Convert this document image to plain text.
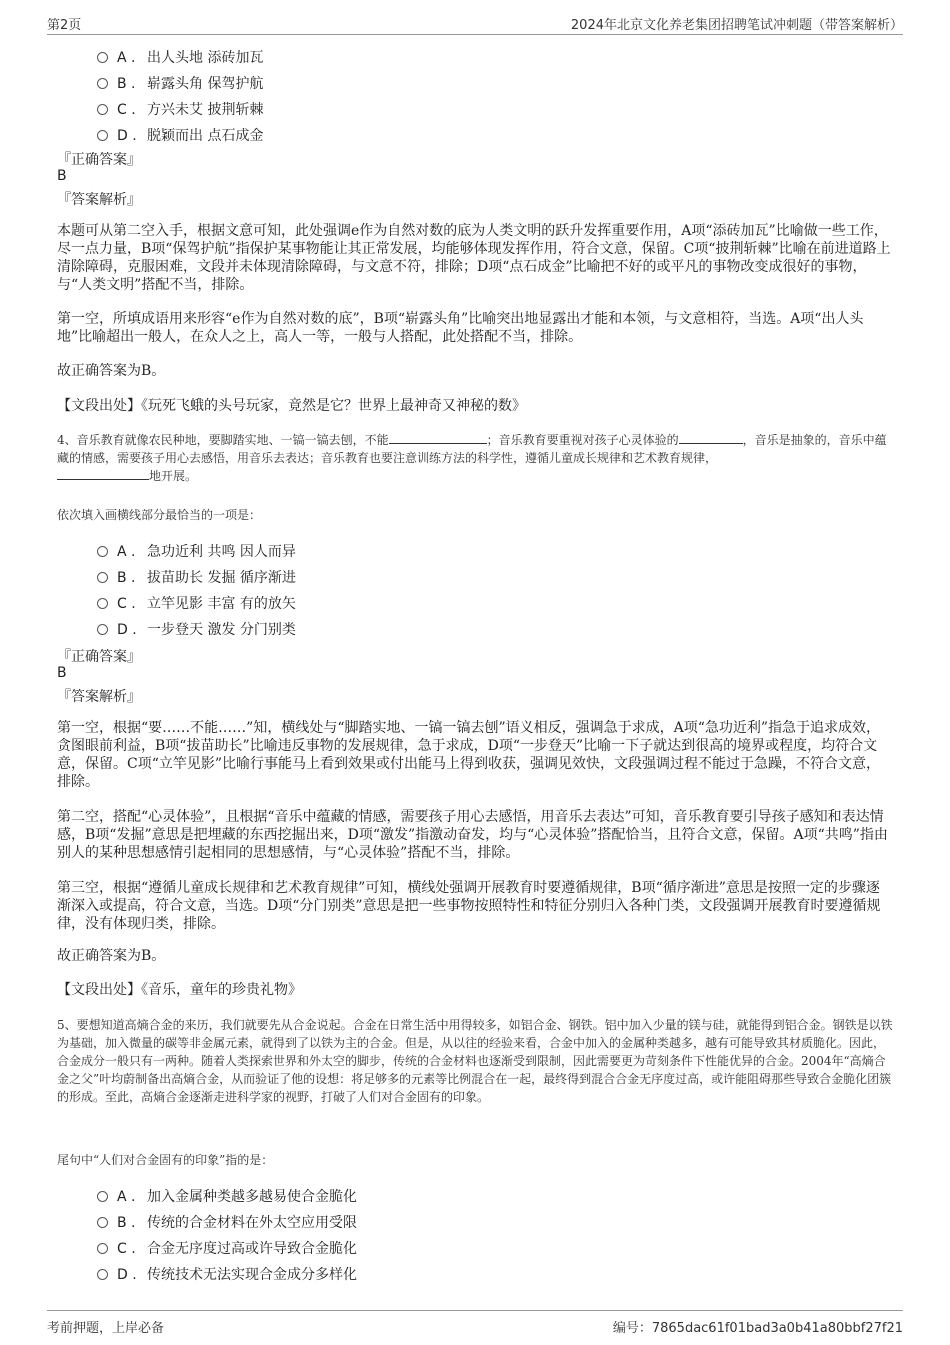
第2页	2024年北京文化养老集团招聘笔试冲刺题（带答案解析）
A . 出人头地 添砖加瓦
B . 崭露头角 保驾护航
C . 方兴未艾 披荆斩棘
D . 脱颖而出 点石成金
『正确答案』
B
『答案解析』
本题可从第二空入手，根据文意可知，此处强调e作为自然对数的底为人类文明的跃升发挥重要作用，A项“添砖加瓦”比喻做一些工作，尽一点力量，B项“保驾护航”指保护某事物能让其正常发展，均能够体现发挥作用，符合文意，保留。C项“披荆斩棘”比喻在前进道路上清除障碍，克服困难，文段并未体现清除障碍，与文意不符，排除；D项“点石成金”比喻把不好的或平凡的事物改变成很好的事物，与“人类文明”搭配不当，排除。
第一空，所填成语用来形容“e作为自然对数的底”，B项“崭露头角”比喻突出地显露出才能和本领，与文意相符，当选。A项“出人头地”比喻超出一般人，在众人之上，高人一等，一般与人搭配，此处搭配不当，排除。
故正确答案为B。
【文段出处】《玩死飞蛾的头号玩家，竟然是它？世界上最神奇又神秘的数》
4、音乐教育就像农民种地，要脚踏实地、一镐一镐去刨，不能	；音乐教育要重视对孩子心灵体验的	，音乐是抽象的，音乐中蕴藏的情感，需要孩子用心去感悟，用音乐去表达；音乐教育也要注意训练方法的科学性，遵循儿童成长规律和艺术教育规律，
地开展。
依次填入画横线部分最恰当的一项是：
A . 急功近利 共鸣 因人而异
B . 拔苗助长 发掘 循序渐进
C . 立竿见影 丰富 有的放矢
D . 一步登天 激发 分门别类
『正确答案』
B
『答案解析』
第一空，根据“要……不能……”知，横线处与“脚踏实地、一镐一镐去刨”语义相反，强调急于求成，A项“急功近利”指急于追求成效，贪图眼前利益，B项“拔苗助长”比喻违反事物的发展规律，急于求成，D项“一步登天”比喻一下子就达到很高的境界或程度，均符合文意，保留。C项“立竿见影”比喻行事能马上看到效果或付出能马上得到收获，强调见效快，文段强调过程不能过于急躁，不符合文意，排除。
第二空，搭配“心灵体验”，且根据“音乐中蕴藏的情感，需要孩子用心去感悟，用音乐去表达”可知，音乐教育要引导孩子感知和表达情感，B项“发掘”意思是把埋藏的东西挖掘出来，D项“激发”指激动奋发，均与“心灵体验”搭配恰当，且符合文意，保留。A项“共鸣”指由别人的某种思想感情引起相同的思想感情，与“心灵体验”搭配不当，排除。
第三空，根据“遵循儿童成长规律和艺术教育规律”可知，横线处强调开展教育时要遵循规律，B项“循序渐进”意思是按照一定的步骤逐渐深入或提高，符合文意，当选。D项“分门别类”意思是把一些事物按照特性和特征分别归入各种门类，文段强调开展教育时要遵循规律，没有体现归类，排除。
故正确答案为B。
【文段出处】《音乐，童年的珍贵礼物》
5、要想知道高熵合金的来历，我们就要先从合金说起。合金在日常生活中用得较多，如铝合金、钢铁。铝中加入少量的镁与硅，就能得到铝合金。钢铁是以铁为基础，加入微量的碳等非金属元素，就得到了以铁为主的合金。但是，从以往的经验来看，合金中加入的金属种类越多，越有可能导致其材质脆化。因此，合金成分一般只有一两种。随着人类探索世界和外太空的脚步，传统的合金材料也逐渐受到限制，因此需要更为苛刻条件下性能优异的合金。2004年“高熵合金之父”叶均蔚制备出高熵合金，从而验证了他的设想：将足够多的元素等比例混合在一起，最终得到混合合金无序度过高，或许能阻碍那些导致合金脆化团簇的形成。至此，高熵合金逐渐走进科学家的视野，打破了人们对合金固有的印象。
尾句中“人们对合金固有的印象”指的是：
A . 加入金属种类越多越易使合金脆化
B . 传统的合金材料在外太空应用受限
C . 合金无序度过高或许导致合金脆化
D . 传统技术无法实现合金成分多样化
考前押题，上岸必备	编号：7865dac61f01bad3a0b41a80bbf27f21
